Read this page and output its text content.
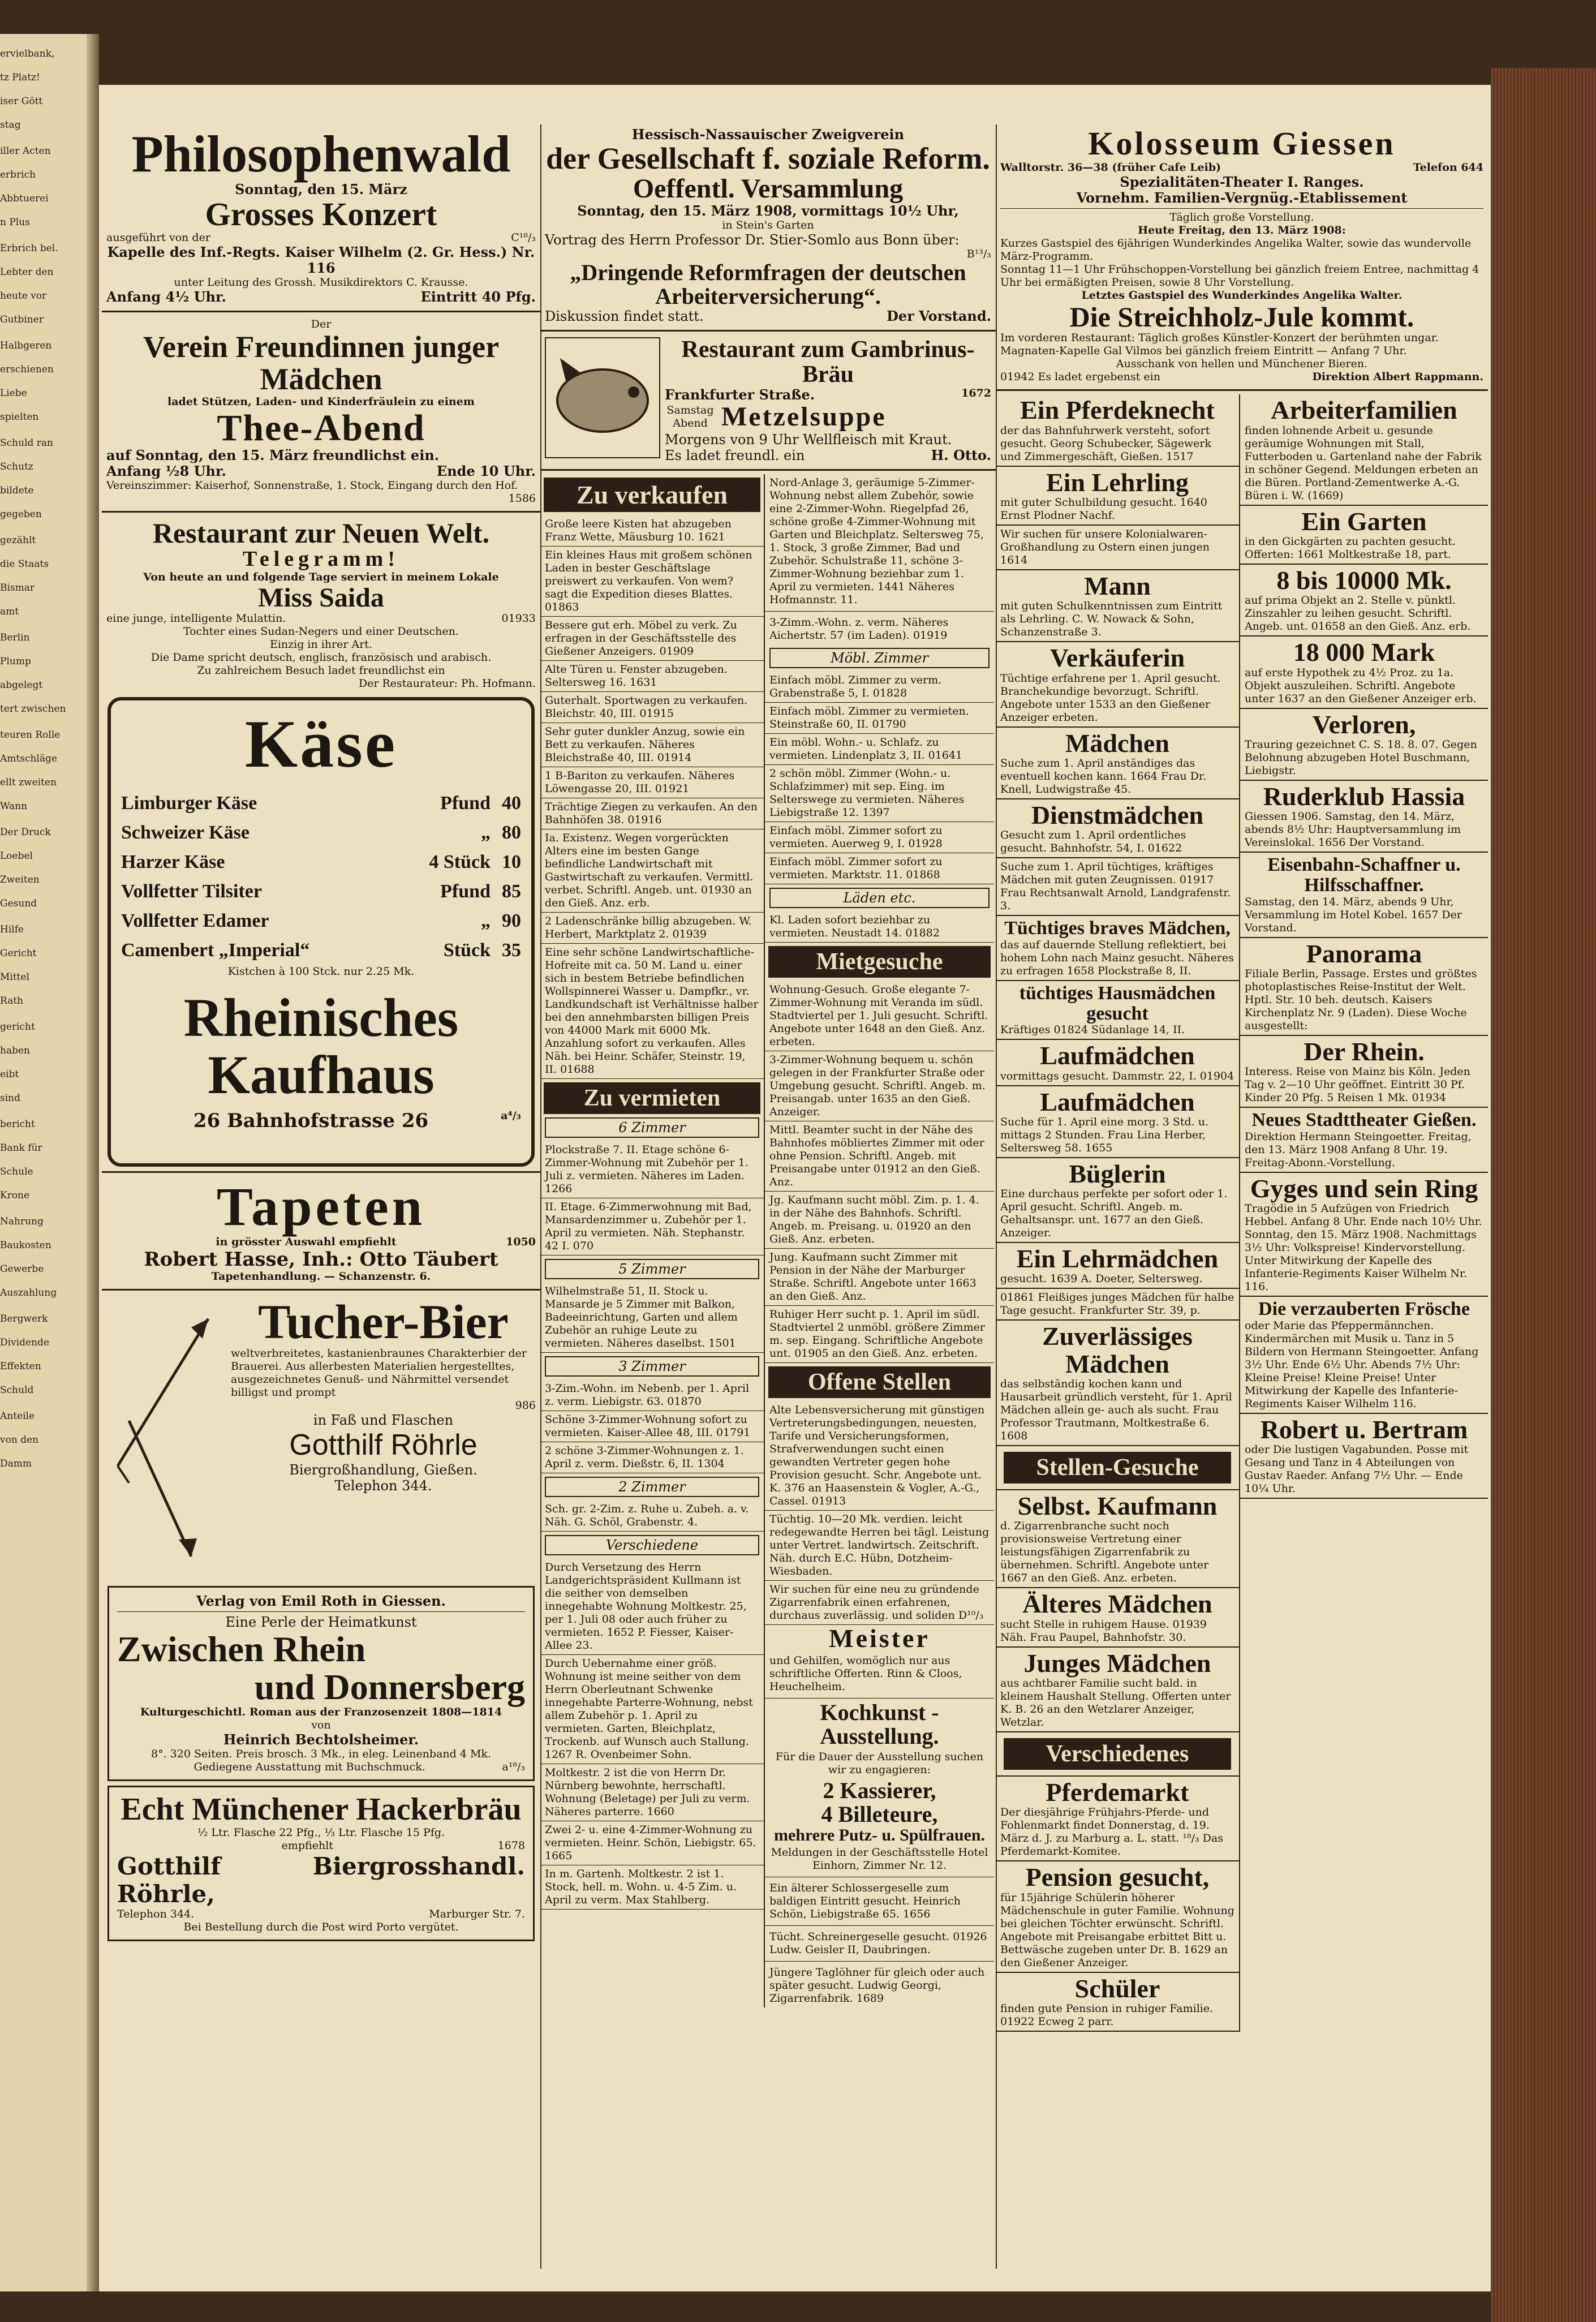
ervielbank,
tz Platz!
iser Gött
stag
iller Acten
erbrich
Abbtuerei
n Plus
Erbrich bel.
Lebter den
heute vor
Gutbiner
Halbgeren
erschienen
Liebe
spielten
Schuld ran
Schutz
bildete
gegeben
gezählt
die Staats
Bismar
amt
Berlin
Plump
abgelegt
tert zwischen
teuren Rolle
Amtschläge
ellt zweiten
Wann
Der Druck
Loebel
Zweiten
Gesund
Hilfe
Gericht
Mittel
Rath
gericht
haben
eibt
sind
bericht
Bank für
Schule
Krone
Nahrung
Baukosten
Gewerbe
Auszahlung
Bergwerk
Dividende
Effekten
Schuld
Anteile
von den
Damm
Philosophenwald
Sonntag, den 15. März
Grosses Konzert
ausgeführt von der	C¹⁸/₃
Kapelle des Inf.-Regts. Kaiser Wilhelm (2. Gr. Hess.) Nr. 116
unter Leitung des Grossh. Musikdirektors C. Krausse.
Anfang 4½ Uhr.	Eintritt 40 Pfg.
Der
Verein Freundinnen junger Mädchen
ladet Stützen, Laden- und Kinderfräulein zu einem
Thee-Abend
auf Sonntag, den 15. März freundlichst ein.
Anfang ½8 Uhr.	Ende 10 Uhr.
Vereinszimmer: Kaiserhof, Sonnenstraße, 1. Stock, Eingang durch den Hof.
1586
Restaurant zur Neuen Welt.
Telegramm!
Von heute an und folgende Tage serviert in meinem Lokale
Miss Saida
eine junge, intelligente Mulattin.	01933
Tochter eines Sudan-Negers und einer Deutschen.
Einzig in ihrer Art.
Die Dame spricht deutsch, englisch, französisch und arabisch.
Zu zahlreichem Besuch ladet freundlichst ein
Der Restaurateur: Ph. Hofmann.
Käse
Limburger Käse	Pfund 40
Schweizer Käse	„ 80
Harzer Käse	4 Stück 10
Vollfetter Tilsiter	Pfund 85
Vollfetter Edamer	„ 90
Camenbert „Imperial“	Stück 35
Kistchen à 100 Stck. nur 2.25 Mk.
Rheinisches Kaufhaus
26 Bahnhofstrasse 26	a⁴/₃
Tapeten
in grösster Auswahl empfiehlt	1050
Robert Hasse, Inh.: Otto Täubert
Tapetenhandlung. — Schanzenstr. 6.
Tucher-Bier
weltverbreitetes, kastanienbraunes Charakterbier der Brauerei. Aus allerbesten Materialien hergestelltes, ausgezeichnetes Genuß- und Nährmittel versendet billigst und prompt
986
in Faß und Flaschen
Gotthilf Röhrle
Biergroßhandlung, Gießen.
Telephon 344.
Verlag von Emil Roth in Giessen.
Eine Perle der Heimatkunst
Zwischen Rhein
und Donnersberg
Kulturgeschichtl. Roman aus der Franzosenzeit 1808—1814
von
Heinrich Bechtolsheimer.
8°. 320 Seiten. Preis brosch. 3 Mk., in eleg. Leinenband 4 Mk.
Gediegene Ausstattung mit Buchschmuck.	a¹⁸/₃
Echt Münchener Hackerbräu
½ Ltr. Flasche 22 Pfg., ⅓ Ltr. Flasche 15 Pfg.
empfiehlt	1678
Gotthilf Röhrle,
Biergrosshandl.
Telephon 344.	Marburger Str. 7.
Bei Bestellung durch die Post wird Porto vergütet.
Hessisch-Nassauischer Zweigverein
der Gesellschaft f. soziale Reform.
Oeffentl. Versammlung
Sonntag, den 15. März 1908, vormittags 10½ Uhr,
in Stein's Garten
Vortrag des Herrn Professor Dr. Stier-Somlo aus Bonn über:
B¹³/₃
„Dringende Reformfragen der deutschen Arbeiterversicherung“.
Diskussion findet statt.	Der Vorstand.
Restaurant zum Gambrinus-Bräu
Frankfurter Straße.	1672
Samstag Abend Metzelsuppe
Morgens von 9 Uhr Wellfleisch mit Kraut.
Es ladet freundl. ein	H. Otto.
Zu verkaufen
Große leere Kisten hat abzugeben Franz Wette, Mäusburg 10. 1621
Ein kleines Haus mit großem schönen Laden in bester Geschäftslage preiswert zu verkaufen. Von wem? sagt die Expedition dieses Blattes. 01863
Bessere gut erh. Möbel zu verk. Zu erfragen in der Geschäftsstelle des Gießener Anzeigers. 01909
Alte Türen u. Fenster abzugeben. Seltersweg 16. 1631
Guterhalt. Sportwagen zu verkaufen. Bleichstr. 40, III. 01915
Sehr guter dunkler Anzug, sowie ein Bett zu verkaufen. Näheres Bleichstraße 40, III. 01914
1 B-Bariton zu verkaufen. Näheres Löwengasse 20, III. 01921
Trächtige Ziegen zu verkaufen. An den Bahnhöfen 38. 01916
Ia. Existenz. Wegen vorgerückten Alters eine im besten Gange befindliche Landwirtschaft mit Gastwirtschaft zu verkaufen. Vermittl. verbet. Schriftl. Angeb. unt. 01930 an den Gieß. Anz. erb.
2 Ladenschränke billig abzugeben. W. Herbert, Marktplatz 2. 01939
Eine sehr schöne Landwirtschaftliche-Hofreite mit ca. 50 M. Land u. einer sich in bestem Betriebe befindlichen Wollspinnerei Wasser u. Dampfkr., vr. Landkundschaft ist Verhältnisse halber bei den annehmbarsten billigen Preis von 44000 Mark mit 6000 Mk. Anzahlung sofort zu verkaufen. Alles Näh. bei Heinr. Schäfer, Steinstr. 19, II. 01688
Zu vermieten
6 Zimmer
Plockstraße 7. II. Etage schöne 6-Zimmer-Wohnung mit Zubehör per 1. Juli z. vermieten. Näheres im Laden. 1266
II. Etage. 6-Zimmerwohnung mit Bad, Mansardenzimmer u. Zubehör per 1. April zu vermieten. Näh. Stephanstr. 42 I. 070
5 Zimmer
Wilhelmstraße 51, II. Stock u. Mansarde je 5 Zimmer mit Balkon, Badeeinrichtung, Garten und allem Zubehör an ruhige Leute zu vermieten. Näheres daselbst. 1501
3 Zimmer
3-Zim.-Wohn. im Nebenb. per 1. April z. verm. Liebigstr. 63. 01870
Schöne 3-Zimmer-Wohnung sofort zu vermieten. Kaiser-Allee 48, III. 01791
2 schöne 3-Zimmer-Wohnungen z. 1. April z. verm. Dießstr. 6, II. 1304
2 Zimmer
Sch. gr. 2-Zim. z. Ruhe u. Zubeh. a. v. Näh. G. Schöl, Grabenstr. 4.
Verschiedene
Durch Versetzung des Herrn Landgerichtspräsident Kullmann ist die seither von demselben innegehabte Wohnung Moltkestr. 25, per 1. Juli 08 oder auch früher zu vermieten. 1652 P. Fiesser, Kaiser-Allee 23.
Durch Uebernahme einer größ. Wohnung ist meine seither von dem Herrn Oberleutnant Schwenke innegehabte Parterre-Wohnung, nebst allem Zubehör p. 1. April zu vermieten. Garten, Bleichplatz, Trockenb. auf Wunsch auch Stallung. 1267 R. Ovenbeimer Sohn.
Moltkestr. 2 ist die von Herrn Dr. Nürnberg bewohnte, herrschaftl. Wohnung (Beletage) per Juli zu verm. Näheres parterre. 1660
Zwei 2- u. eine 4-Zimmer-Wohnung zu vermieten. Heinr. Schön, Liebigstr. 65. 1665
In m. Gartenh. Moltkestr. 2 ist 1. Stock, hell. m. Wohn. u. 4-5 Zim. u. April zu verm. Max Stahlberg.
Nord-Anlage 3, geräumige 5-Zimmer-Wohnung nebst allem Zubehör, sowie eine 2-Zimmer-Wohn. Riegelpfad 26, schöne große 4-Zimmer-Wohnung mit Garten und Bleichplatz. Seltersweg 75, 1. Stock, 3 große Zimmer, Bad und Zubehör. Schulstraße 11, schöne 3-Zimmer-Wohnung beziehbar zum 1. April zu vermieten. 1441 Näheres Hofmannstr. 11.
3-Zimm.-Wohn. z. verm. Näheres Aichertstr. 57 (im Laden). 01919
Möbl. Zimmer
Einfach möbl. Zimmer zu verm. Grabenstraße 5, I. 01828
Einfach möbl. Zimmer zu vermieten. Steinstraße 60, II. 01790
Ein möbl. Wohn.- u. Schlafz. zu vermieten. Lindenplatz 3, II. 01641
2 schön möbl. Zimmer (Wohn.- u. Schlafzimmer) mit sep. Eing. im Selterswege zu vermieten. Näheres Liebigstraße 12. 1397
Einfach möbl. Zimmer sofort zu vermieten. Auerweg 9, I. 01928
Einfach möbl. Zimmer sofort zu vermieten. Marktstr. 11. 01868
Läden etc.
Kl. Laden sofort beziehbar zu vermieten. Neustadt 14. 01882
Mietgesuche
Wohnung-Gesuch. Große elegante 7-Zimmer-Wohnung mit Veranda im südl. Stadtviertel per 1. Juli gesucht. Schriftl. Angebote unter 1648 an den Gieß. Anz. erbeten.
3-Zimmer-Wohnung bequem u. schön gelegen in der Frankfurter Straße oder Umgebung gesucht. Schriftl. Angeb. m. Preisangab. unter 1635 an den Gieß. Anzeiger.
Mittl. Beamter sucht in der Nähe des Bahnhofes möbliertes Zimmer mit oder ohne Pension. Schriftl. Angeb. mit Preisangabe unter 01912 an den Gieß. Anz.
Jg. Kaufmann sucht möbl. Zim. p. 1. 4. in der Nähe des Bahnhofs. Schriftl. Angeb. m. Preisang. u. 01920 an den Gieß. Anz. erbeten.
Jung. Kaufmann sucht Zimmer mit Pension in der Nähe der Marburger Straße. Schriftl. Angebote unter 1663 an den Gieß. Anz.
Ruhiger Herr sucht p. 1. April im südl. Stadtviertel 2 unmöbl. größere Zimmer m. sep. Eingang. Schriftliche Angebote unt. 01905 an den Gieß. Anz. erbeten.
Offene Stellen
Alte Lebensversicherung mit günstigen Vertreterungsbedingungen, neuesten, Tarife und Versicherungsformen, Strafverwendungen sucht einen gewandten Vertreter gegen hohe Provision gesucht. Schr. Angebote unt. K. 376 an Haasenstein & Vogler, A.-G., Cassel. 01913
Tüchtig. 10—20 Mk. verdien. leicht redegewandte Herren bei tägl. Leistung unter Vertret. landwirtsch. Zeitschrift. Näh. durch E.C. Hübn, Dotzheim-Wiesbaden.
Wir suchen für eine neu zu gründende Zigarrenfabrik einen erfahrenen, durchaus zuverlässig. und soliden D¹⁰/₃
Meister
und Gehilfen, womöglich nur aus schriftliche Offerten. Rinn & Cloos, Heuchelheim.
Kochkunst - Ausstellung.
Für die Dauer der Ausstellung suchen wir zu engagieren:
2 Kassierer,
4 Billeteure,
mehrere Putz- u. Spülfrauen.
Meldungen in der Geschäftsstelle Hotel Einhorn, Zimmer Nr. 12.
Ein älterer Schlossergeselle zum baldigen Eintritt gesucht. Heinrich Schön, Liebigstraße 65. 1656
Tücht. Schreinergeselle gesucht. 01926 Ludw. Geisler II, Daubringen.
Jüngere Taglöhner für gleich oder auch später gesucht. Ludwig Georgi, Zigarrenfabrik. 1689
Kolosseum Giessen
Walltorstr. 36—38 (früher Cafe Leib)	Telefon 644
Spezialitäten-Theater I. Ranges.
Vornehm. Familien-Vergnüg.-Etablissement
Täglich große Vorstellung.
Heute Freitag, den 13. März 1908:
Kurzes Gastspiel des 6jährigen Wunderkindes Angelika Walter, sowie das wundervolle März-Programm.
Sonntag 11—1 Uhr Frühschoppen-Vorstellung bei gänzlich freiem Entree, nachmittag 4 Uhr bei ermäßigten Preisen, sowie 8 Uhr Vorstellung.
Letztes Gastspiel des Wunderkindes Angelika Walter.
Die Streichholz-Jule kommt.
Im vorderen Restaurant: Täglich großes Künstler-Konzert der berühmten ungar. Magnaten-Kapelle Gal Vilmos bei gänzlich freiem Eintritt — Anfang 7 Uhr.
Ausschank von hellen und Münchener Bieren.
01942 Es ladet ergebenst ein	Direktion Albert Rappmann.
Ein Pferdeknecht
der das Bahnfuhrwerk versteht, sofort gesucht. Georg Schubecker, Sägewerk und Zimmergeschäft, Gießen. 1517
Ein Lehrling
mit guter Schulbildung gesucht. 1640 Ernst Plodner Nachf.
Wir suchen für unsere Kolonialwaren-Großhandlung zu Ostern einen jungen 1614
Mann
mit guten Schulkenntnissen zum Eintritt als Lehrling. C. W. Nowack & Sohn, Schanzenstraße 3.
Verkäuferin
Tüchtige erfahrene per 1. April gesucht. Branchekundige bevorzugt. Schriftl. Angebote unter 1533 an den Gießener Anzeiger erbeten.
Mädchen
Suche zum 1. April anständiges das eventuell kochen kann. 1664 Frau Dr. Knell, Ludwigstraße 45.
Dienstmädchen
Gesucht zum 1. April ordentliches gesucht. Bahnhofstr. 54, I. 01622
Suche zum 1. April tüchtiges, kräftiges Mädchen mit guten Zeugnissen. 01917 Frau Rechtsanwalt Arnold, Landgrafenstr. 3.
Tüchtiges braves Mädchen,
das auf dauernde Stellung reflektiert, bei hohem Lohn nach Mainz gesucht. Näheres zu erfragen 1658 Plockstraße 8, II.
tüchtiges Hausmädchen gesucht
Kräftiges 01824 Südanlage 14, II.
Laufmädchen
vormittags gesucht. Dammstr. 22, I. 01904
Laufmädchen
Suche für 1. April eine morg. 3 Std. u. mittags 2 Stunden. Frau Lina Herber, Seltersweg 58. 1655
Büglerin
Eine durchaus perfekte per sofort oder 1. April gesucht. Schriftl. Angeb. m. Gehaltsanspr. unt. 1677 an den Gieß. Anzeiger.
Ein Lehrmädchen
gesucht. 1639 A. Doeter, Seltersweg.
01861 Fleißiges junges Mädchen für halbe Tage gesucht. Frankfurter Str. 39, p.
Zuverlässiges Mädchen
das selbständig kochen kann und Hausarbeit gründlich versteht, für 1. April Mädchen allein ge- auch als sucht. Frau Professor Trautmann, Moltkestraße 6. 1608
Stellen-Gesuche
Selbst. Kaufmann
d. Zigarrenbranche sucht noch provisionsweise Vertretung einer leistungsfähigen Zigarrenfabrik zu übernehmen. Schriftl. Angebote unter 1667 an den Gieß. Anz. erbeten.
Älteres Mädchen
sucht Stelle in ruhigem Hause. 01939 Näh. Frau Paupel, Bahnhofstr. 30.
Junges Mädchen
aus achtbarer Familie sucht bald. in kleinem Haushalt Stellung. Offerten unter K. B. 26 an den Wetzlarer Anzeiger, Wetzlar.
Verschiedenes
Pferdemarkt
Der diesjährige Frühjahrs-Pferde- und Fohlenmarkt findet Donnerstag, d. 19. März d. J. zu Marburg a. L. statt. ¹⁸/₃ Das Pferdemarkt-Komitee.
Pension gesucht,
für 15jährige Schülerin höherer Mädchenschule in guter Familie. Wohnung bei gleichen Töchter erwünscht. Schriftl. Angebote mit Preisangabe erbittet Bitt u. Bettwäsche zugeben unter Dr. B. 1629 an den Gießener Anzeiger.
Schüler
finden gute Pension in ruhiger Familie. 01922 Ecweg 2 parr.
Arbeiterfamilien
finden lohnende Arbeit u. gesunde geräumige Wohnungen mit Stall, Futterboden u. Gartenland nahe der Fabrik in schöner Gegend. Meldungen erbeten an die Büren. Portland-Zementwerke A.-G. Büren i. W. (1669)
Ein Garten
in den Gickgärten zu pachten gesucht. Offerten: 1661 Moltkestraße 18, part.
8 bis 10000 Mk.
auf prima Objekt an 2. Stelle v. pünktl. Zinszahler zu leihen gesucht. Schriftl. Angeb. unt. 01658 an den Gieß. Anz. erb.
18 000 Mark
auf erste Hypothek zu 4½ Proz. zu 1a. Objekt auszuleihen. Schriftl. Angebote unter 1637 an den Gießener Anzeiger erb.
Verloren,
Trauring gezeichnet C. S. 18. 8. 07. Gegen Belohnung abzugeben Hotel Buschmann, Liebigstr.
Ruderklub Hassia
Giessen 1906. Samstag, den 14. März, abends 8½ Uhr: Hauptversammlung im Vereinslokal. 1656 Der Vorstand.
Eisenbahn-Schaffner u. Hilfsschaffner.
Samstag, den 14. März, abends 9 Uhr, Versammlung im Hotel Kobel. 1657 Der Vorstand.
Panorama
Filiale Berlin, Passage. Erstes und größtes photoplastisches Reise-Institut der Welt. Hptl. Str. 10 beh. deutsch. Kaisers Kirchenplatz Nr. 9 (Laden). Diese Woche ausgestellt:
Der Rhein.
Interess. Reise von Mainz bis Köln. Jeden Tag v. 2—10 Uhr geöffnet. Eintritt 30 Pf. Kinder 20 Pfg. 5 Reisen 1 Mk. 01934
Neues Stadttheater Gießen.
Direktion Hermann Steingoetter. Freitag, den 13. März 1908 Anfang 8 Uhr. 19. Freitag-Abonn.-Vorstellung.
Gyges und sein Ring
Tragödie in 5 Aufzügen von Friedrich Hebbel. Anfang 8 Uhr. Ende nach 10½ Uhr. Sonntag, den 15. März 1908. Nachmittags 3½ Uhr: Volkspreise! Kindervorstellung. Unter Mitwirkung der Kapelle des Infanterie-Regiments Kaiser Wilhelm Nr. 116.
Die verzauberten Frösche
oder Marie das Pfeppermännchen. Kindermärchen mit Musik u. Tanz in 5 Bildern von Hermann Steingoetter. Anfang 3½ Uhr. Ende 6½ Uhr. Abends 7½ Uhr: Kleine Preise! Kleine Preise! Unter Mitwirkung der Kapelle des Infanterie-Regiments Kaiser Wilhelm 116.
Robert u. Bertram
oder Die lustigen Vagabunden. Posse mit Gesang und Tanz in 4 Abteilungen von Gustav Raeder. Anfang 7½ Uhr. — Ende 10¼ Uhr.
